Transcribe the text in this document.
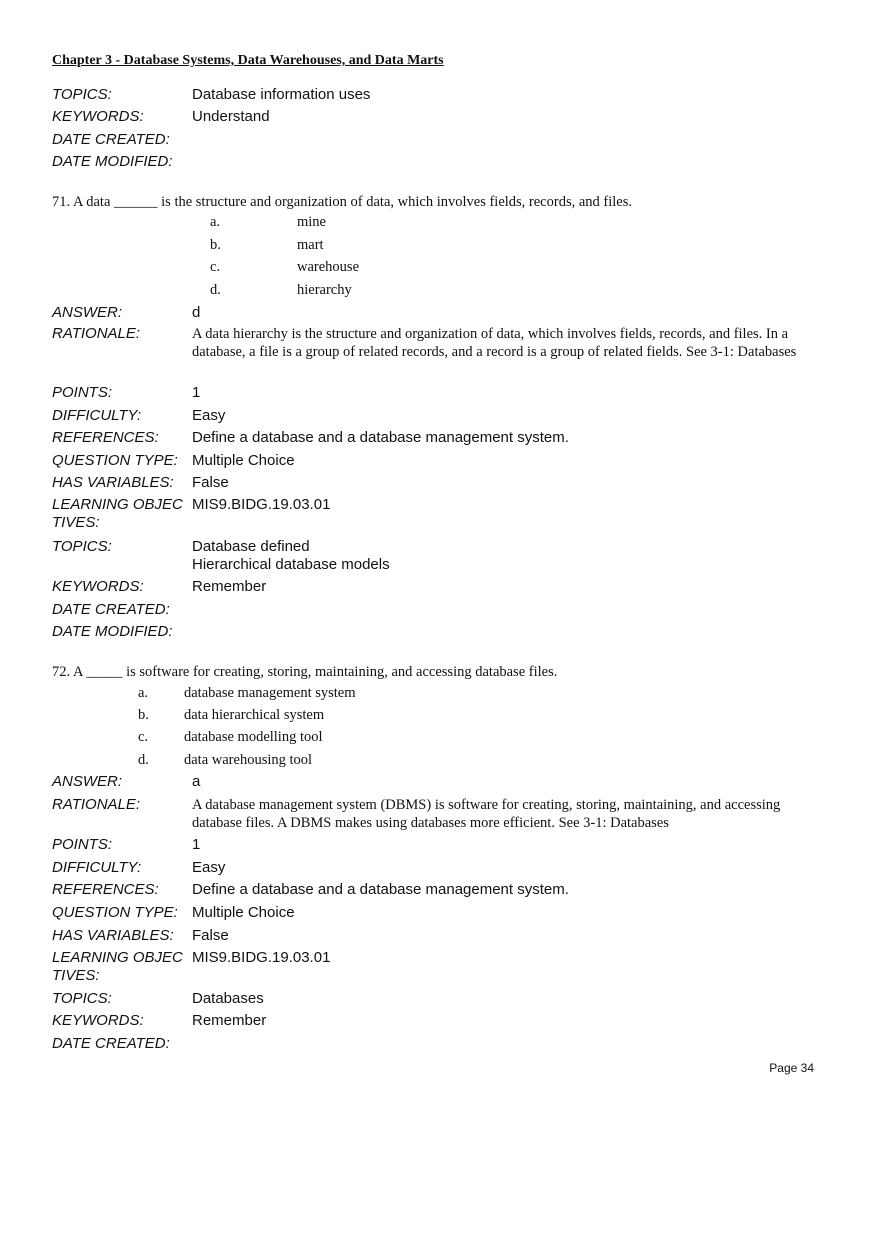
Chapter 3 - Database Systems, Data Warehouses, and Data Marts
TOPICS:	Database information uses
KEYWORDS:	Understand
DATE CREATED:
DATE MODIFIED:
71. A data ______ is the structure and organization of data, which involves fields, records, and files.
a.	mine
b.	mart
c.	warehouse
d.	hierarchy
ANSWER:	d
RATIONALE:	A data hierarchy is the structure and organization of data, which involves fields, records, and files. In a database, a file is a group of related records, and a record is a group of related fields. See 3-1: Databases
POINTS:	1
DIFFICULTY:	Easy
REFERENCES:	Define a database and a database management system.
QUESTION TYPE: Multiple Choice
HAS VARIABLES:	False
LEARNING OBJECTIVES:
MIS9.BIDG.19.03.01
TOPICS:	Database defined
Hierarchical database models
KEYWORDS:	Remember
DATE CREATED:
DATE MODIFIED:
72. A _____ is software for creating, storing, maintaining, and accessing database files.
a. database management system
b. data hierarchical system
c. database modelling tool
d. data warehousing tool
ANSWER:	a
RATIONALE:	A database management system (DBMS) is software for creating, storing, maintaining, and accessing database files. A DBMS makes using databases more efficient. See 3-1: Databases
POINTS:	1
DIFFICULTY:	Easy
REFERENCES:	Define a database and a database management system.
QUESTION TYPE: Multiple Choice
HAS VARIABLES:	False
LEARNING OBJECTIVES:
MIS9.BIDG.19.03.01
TOPICS:	Databases
KEYWORDS:	Remember
DATE CREATED:
Page 34
